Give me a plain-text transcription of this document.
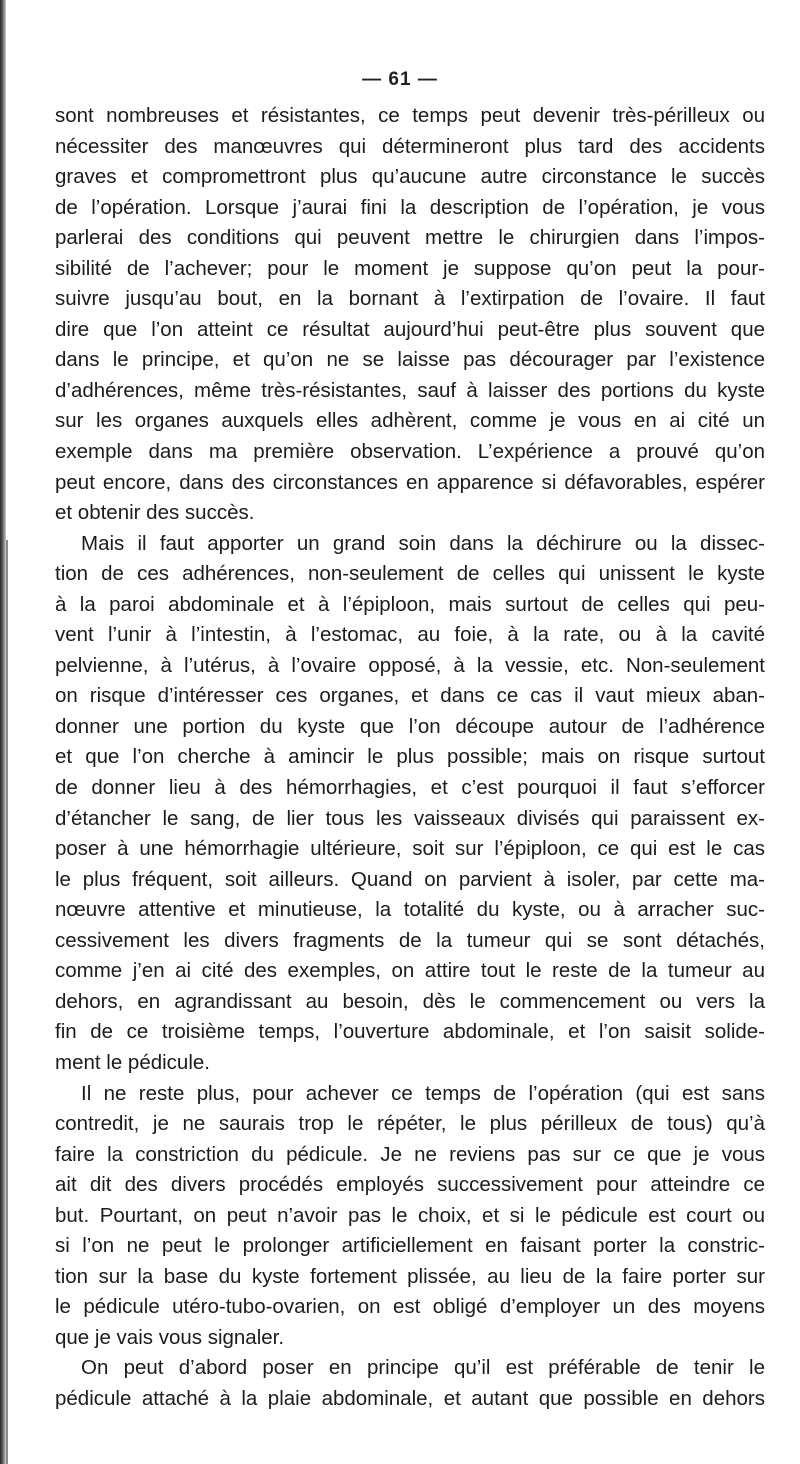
— 61 —
sont nombreuses et résistantes, ce temps peut devenir très-périlleux ou
nécessiter des manœuvres qui détermineront plus tard des accidents
graves et compromettront plus qu’aucune autre circonstance le succès
de l’opération. Lorsque j’aurai fini la description de l’opération, je vous
parlerai des conditions qui peuvent mettre le chirurgien dans l’impos-
sibilité de l’achever; pour le moment je suppose qu’on peut la pour-
suivre jusqu’au bout, en la bornant à l’extirpation de l’ovaire. Il faut
dire que l’on atteint ce résultat aujourd’hui peut-être plus souvent que
dans le principe, et qu’on ne se laisse pas décourager par l’existence
d’adhérences, même très-résistantes, sauf à laisser des portions du kyste
sur les organes auxquels elles adhèrent, comme je vous en ai cité un
exemple dans ma première observation. L’expérience a prouvé qu’on
peut encore, dans des circonstances en apparence si défavorables, espérer
et obtenir des succès.
Mais il faut apporter un grand soin dans la déchirure ou la dissec-
tion de ces adhérences, non-seulement de celles qui unissent le kyste
à la paroi abdominale et à l’épiploon, mais surtout de celles qui peu-
vent l’unir à l’intestin, à l’estomac, au foie, à la rate, ou à la cavité
pelvienne, à l’utérus, à l’ovaire opposé, à la vessie, etc. Non-seulement
on risque d’intéresser ces organes, et dans ce cas il vaut mieux aban-
donner une portion du kyste que l’on découpe autour de l’adhérence
et que l’on cherche à amincir le plus possible; mais on risque surtout
de donner lieu à des hémorrhagies, et c’est pourquoi il faut s’efforcer
d’étancher le sang, de lier tous les vaisseaux divisés qui paraissent ex-
poser à une hémorrhagie ultérieure, soit sur l’épiploon, ce qui est le cas
le plus fréquent, soit ailleurs. Quand on parvient à isoler, par cette ma-
nœuvre attentive et minutieuse, la totalité du kyste, ou à arracher suc-
cessivement les divers fragments de la tumeur qui se sont détachés,
comme j’en ai cité des exemples, on attire tout le reste de la tumeur au
dehors, en agrandissant au besoin, dès le commencement ou vers la
fin de ce troisième temps, l’ouverture abdominale, et l’on saisit solide-
ment le pédicule.
Il ne reste plus, pour achever ce temps de l’opération (qui est sans
contredit, je ne saurais trop le répéter, le plus périlleux de tous) qu’à
faire la constriction du pédicule. Je ne reviens pas sur ce que je vous
ait dit des divers procédés employés successivement pour atteindre ce
but. Pourtant, on peut n’avoir pas le choix, et si le pédicule est court ou
si l’on ne peut le prolonger artificiellement en faisant porter la constric-
tion sur la base du kyste fortement plissée, au lieu de la faire porter sur
le pédicule utéro-tubo-ovarien, on est obligé d’employer un des moyens
que je vais vous signaler.
On peut d’abord poser en principe qu’il est préférable de tenir le
pédicule attaché à la plaie abdominale, et autant que possible en dehors
